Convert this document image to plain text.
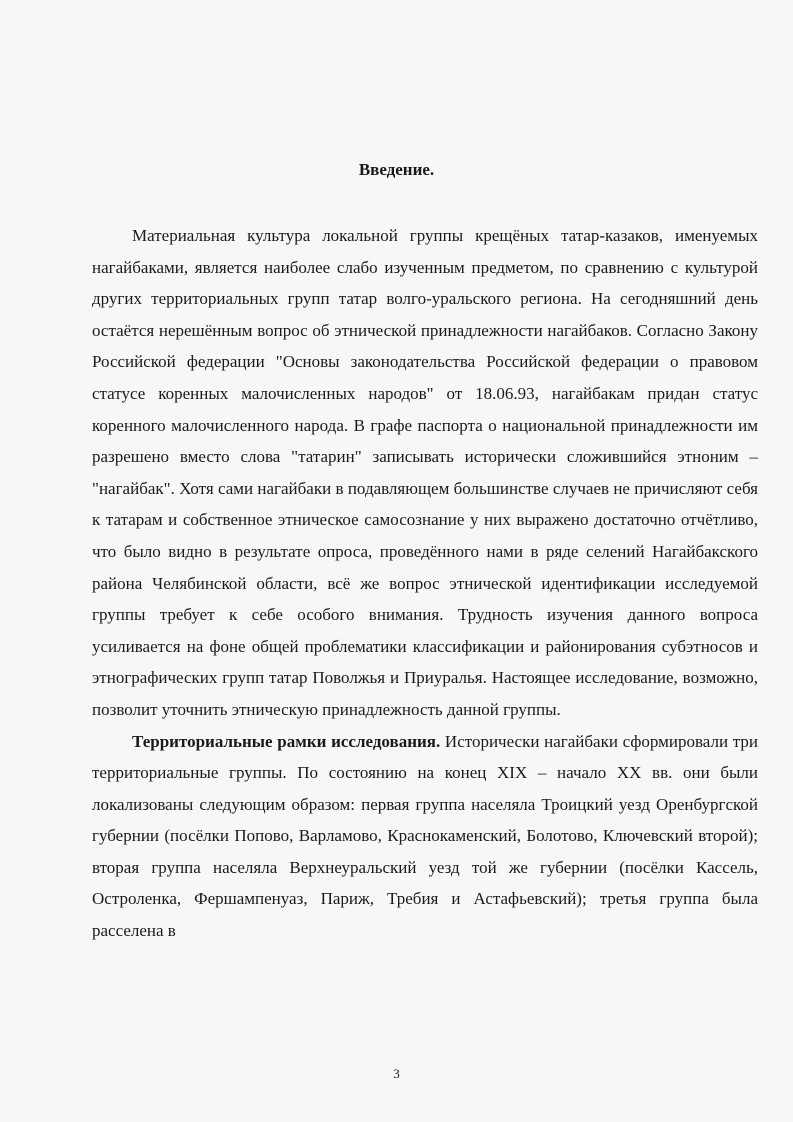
Введение.

Материальная культура локальной группы крещёных татар-казаков, именуемых нагайбаками, является наиболее слабо изученным предметом, по сравнению с культурой других территориальных групп татар волго-уральского региона. На сегодняшний день остаётся нерешённым вопрос об этнической принадлежности нагайбаков. Согласно Закону Российской федерации "Основы законодательства Российской федерации о правовом статусе коренных малочисленных народов" от 18.06.93, нагайбакам придан статус коренного малочисленного народа. В графе паспорта о национальной принадлежности им разрешено вместо слова "татарин" записывать исторически сложившийся этноним – "нагайбак". Хотя сами нагайбаки в подавляющем большинстве случаев не причисляют себя к татарам и собственное этническое самосознание у них выражено достаточно отчётливо, что было видно в результате опроса, проведённого нами в ряде селений Нагайбакского района Челябинской области, всё же вопрос этнической идентификации исследуемой группы требует к себе особого внимания. Трудность изучения данного вопроса усиливается на фоне общей проблематики классификации и районирования субэтносов и этнографических групп татар Поволжья и Приуралья. Настоящее исследование, возможно, позволит уточнить этническую принадлежность данной группы.

Территориальные рамки исследования. Исторически нагайбаки сформировали три территориальные группы. По состоянию на конец XIX – начало XX вв. они были локализованы следующим образом: первая группа населяла Троицкий уезд Оренбургской губернии (посёлки Попово, Варламово, Краснокаменский, Болотово, Ключевский второй); вторая группа населяла Верхнеуральский уезд той же губернии (посёлки Кассель, Остроленка, Фершампенуаз, Париж, Требия и Астафьевский); третья группа была расселена в

3
